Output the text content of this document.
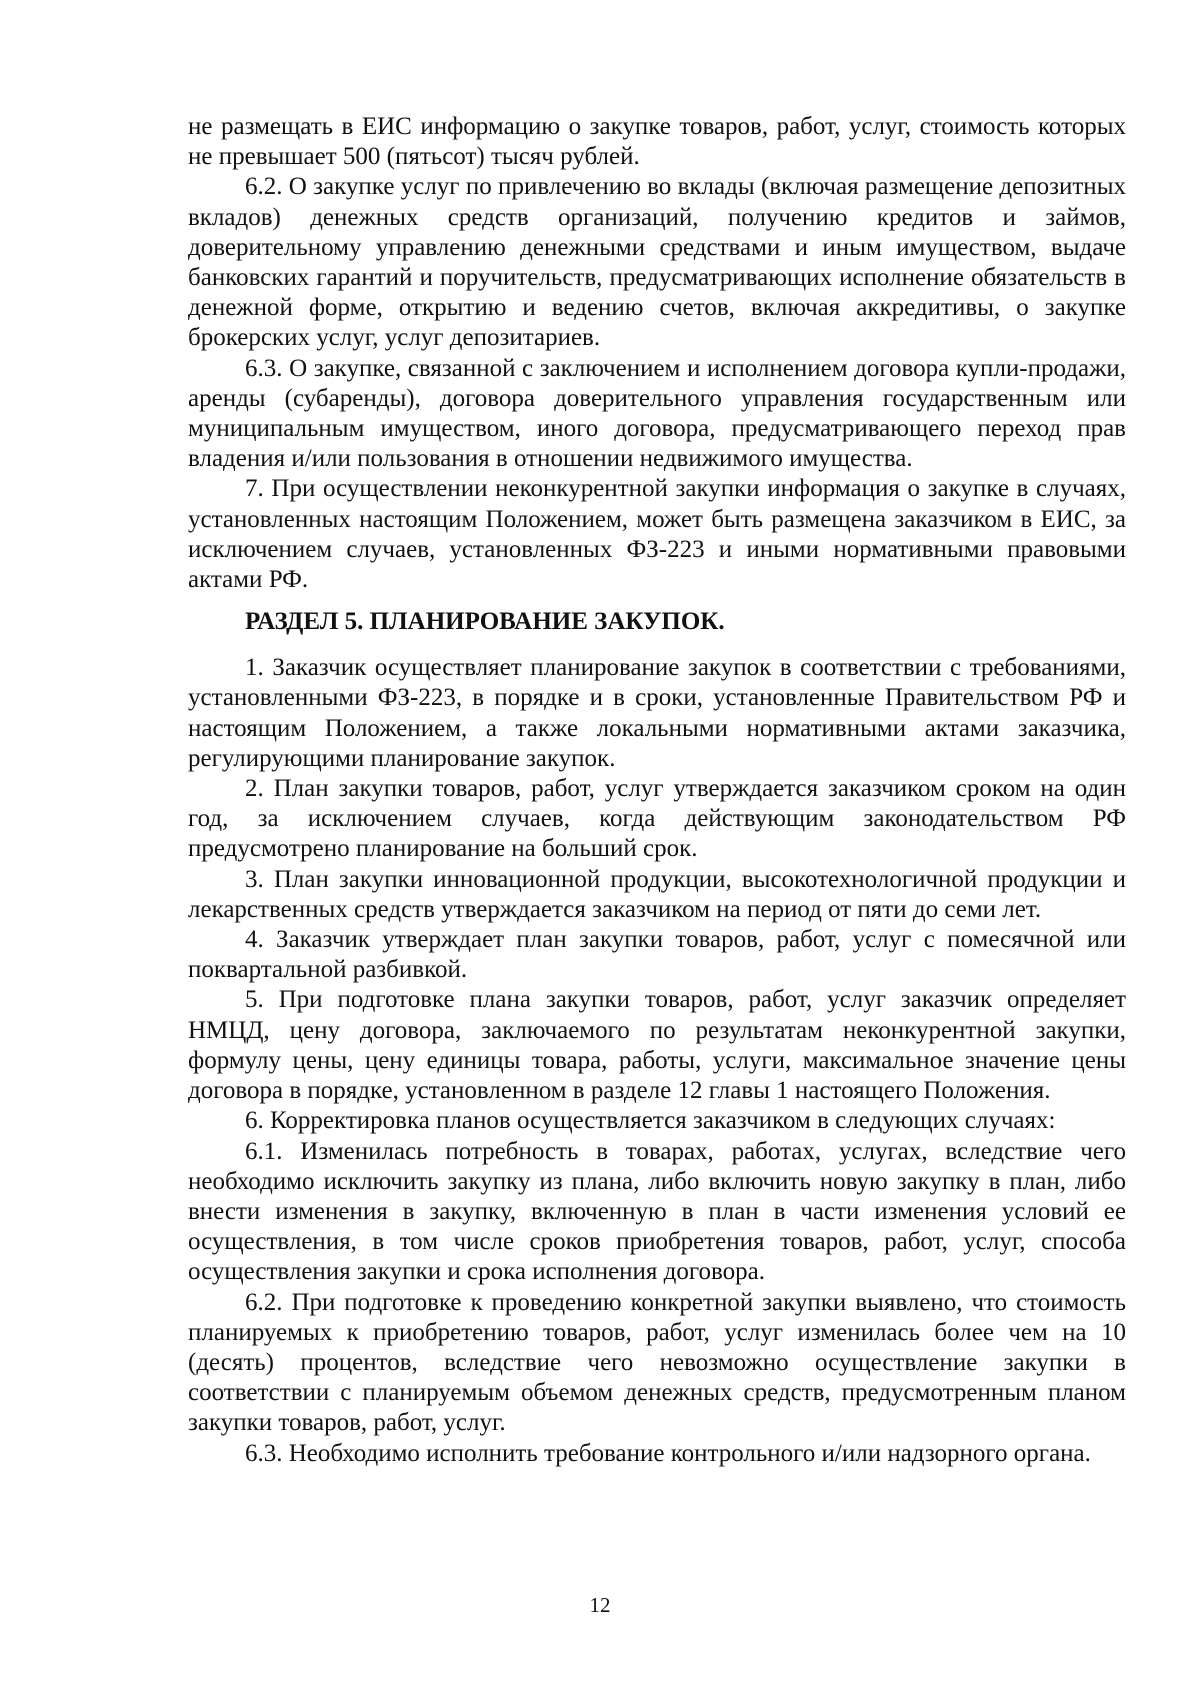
не размещать в ЕИС информацию о закупке товаров, работ, услуг, стоимость которых не превышает 500 (пятьсот) тысяч рублей.

6.2. О закупке услуг по привлечению во вклады (включая размещение депозитных вкладов) денежных средств организаций, получению кредитов и займов, доверительному управлению денежными средствами и иным имуществом, выдаче банковских гарантий и поручительств, предусматривающих исполнение обязательств в денежной форме, открытию и ведению счетов, включая аккредитивы, о закупке брокерских услуг, услуг депозитариев.

6.3. О закупке, связанной с заключением и исполнением договора купли-продажи, аренды (субаренды), договора доверительного управления государственным или муниципальным имуществом, иного договора, предусматривающего переход прав владения и/или пользования в отношении недвижимого имущества.

7. При осуществлении неконкурентной закупки информация о закупке в случаях, установленных настоящим Положением, может быть размещена заказчиком в ЕИС, за исключением случаев, установленных ФЗ-223 и иными нормативными правовыми актами РФ.

РАЗДЕЛ 5. ПЛАНИРОВАНИЕ ЗАКУПОК.

1. Заказчик осуществляет планирование закупок в соответствии с требованиями, установленными ФЗ-223, в порядке и в сроки, установленные Правительством РФ и настоящим Положением, а также локальными нормативными актами заказчика, регулирующими планирование закупок.

2. План закупки товаров, работ, услуг утверждается заказчиком сроком на один год, за исключением случаев, когда действующим законодательством РФ предусмотрено планирование на больший срок.

3. План закупки инновационной продукции, высокотехнологичной продукции и лекарственных средств утверждается заказчиком на период от пяти до семи лет.

4. Заказчик утверждает план закупки товаров, работ, услуг с помесячной или поквартальной разбивкой.

5. При подготовке плана закупки товаров, работ, услуг заказчик определяет НМЦД, цену договора, заключаемого по результатам неконкурентной закупки, формулу цены, цену единицы товара, работы, услуги, максимальное значение цены договора в порядке, установленном в разделе 12 главы 1 настоящего Положения.

6. Корректировка планов осуществляется заказчиком в следующих случаях:

6.1. Изменилась потребность в товарах, работах, услугах, вследствие чего необходимо исключить закупку из плана, либо включить новую закупку в план, либо внести изменения в закупку, включенную в план в части изменения условий ее осуществления, в том числе сроков приобретения товаров, работ, услуг, способа осуществления закупки и срока исполнения договора.

6.2. При подготовке к проведению конкретной закупки выявлено, что стоимость планируемых к приобретению товаров, работ, услуг изменилась более чем на 10 (десять) процентов, вследствие чего невозможно осуществление закупки в соответствии с планируемым объемом денежных средств, предусмотренным планом закупки товаров, работ, услуг.

6.3. Необходимо исполнить требование контрольного и/или надзорного органа.

12
